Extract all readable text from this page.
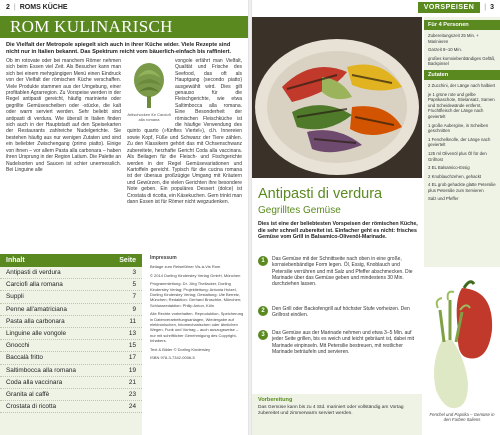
2 | ROMS KÜCHE
ROM KULINARISCH
Die Vielfalt der Metropole spiegelt sich auch in ihrer Küche wider. Viele Rezepte sind nicht nur in Italien bekannt. Das Spektrum reicht vom bäuerlich-einfach bis raffiniert.
Ob im rotovate oder bei manchem Römer nehmen sich beim Essen viel Zeit. Als Besucher kann man sich bei einem mehrgängigen Menü einen Eindruck von der Vielfalt der römischen Küche verschaffen. Viele Produkte stammen aus der Umgebung, einer profitablen Agrarregion. Zu Vorspeise werden in der Regel antipasti gereicht, häufig marinierte oder gegrillte Gemüsescheiben oder -stücke, die kalt oder warm serviert werden. Sehr beliebt sind antipasti di verdura. Wie überall in Italien finden sich auch in der Hauptstadt auf den Speisekarten der Restaurants zahlreiche Nudelgerichte. Sie bestehen häufig aus nur wenigen Zutaten und sind ein beliebter Zwischengang (primo piatto). Einige von ihnen – vor allem Pasta alla carbonara – haben ihren Ursprung in der Region Latium. Die Palette an Nudelsorten und Saucen ist schier unermesslich. Bei Linguine alle
Artischocken für Carciofi alla romana
vongole erfährt man Vielfalt, Qualität und Frische des Seefood, das oft als Hauptgang (secondo piatto) ausgewählt wird. Dies gilt genauso für die Fleischgerichte, wie etwa Saltimbocca alla romana. Eine Besonderheit der römischen Fleischküche ist die häufige Verwendung des quinto quarto (»fünftes Viertel«), d.h. Innereien sowie Kopf, Füße und Schwanz der Tiere zählen. Zu den Klassikern gehört das mit Ochsenschwanz zubereitete, herzhafte Gericht Coda alla vaccinara. Als Beilagen für die Fleisch- und Fischgerichte werden in der Regel Gemüsevariationen und Kartoffeln gereicht. Typisch für die cucina romana ist der überaus großzügige Umgang mit Kräutern und Gewürzen, die vielen Gerichten ihre besondere Note geben. Ein populäres Dessert (dolce) ist Crostata di ricotta, ein Käsekuchen. Gern trinkt man dann Essen ist für Römer nicht wegzudenken.
Inhalt	Seite
Antipasti di verdura	3
Carciofi alla romana	5
Suppli	7
Penne all'amatriciana	9
Pasta alla carbonara	11
Linguine alle vongole	13
Gnocchi	15
Baccalà fritto	17
Saltimbocca alla romana	19
Coda alla vaccinara	21
Granita al caffè	23
Crostata di ricotta	24
Impressum
Beilage zum Reiseführer Vis-à-Vis Rom
© 2014 Dorling Kindersley Verlag GmbH, München
Programmleitung: Dr. Jörg Theilacker, Dorling Kindersley Verlag; Projektleitung: Antonia Hutzel, Dorling Kindersley Verlag; Gestaltung: Ute Berretz, München; Redaktion: Gerhard Bruschke, München; Schlussredaktion: Philip Anton, Köln
Alle Rechte vorbehalten. Reproduktion, Speicherung in Datenverarbeitungsanlagen, Wiedergabe auf elektronischen, fotomechanischen oder ähnlichen Wegen, Funk und Vortrag – auch auszugsweise – nur mit schriftlicher Genehmigung des Copyright-Inhabers.
Text & Bilder © Dorling Kindersley
ISBN 978-3-7342-0006-5
VORSPEISEN	| 3
Für 4 Personen
Zubereitungszeit 25 Min. + Marinieren
Garzeit 8–10 Min.
großes kornsiebenbändiges Gefäß, Backpinsel
Zutaten
2 Zucchini, der Länge nach halbiert
je 1 grüne rote und gelbe Paprikaschote, Stielansatz, Samen und Scheidewände entfernt, Fruchtfleisch der Länge nach geviertelt
1 große Aubergine, in Scheiben geschnitten
1 Fenchelknolle, der Länge nach geviertelt
125 ml Olivenöl plus Öl für den Grillrost
3 EL Balsamico-Essig
2 Knoblauchzehen, gehackt
4 EL grob gehackte glatte Petersilie plus Petersilie zum Servieren
Salz und Pfeffer
Antipasti di verdura
Gegrilltes Gemüse
Dies ist eine der beliebtesten Vorspeisen der römischen Küche, die sehr schnell zubereitet ist. Einfacher geht es nicht: frisches Gemüse vom Grill in Balsamico-Olivenöl-Marinade.
1	Das Gemüse mit der Schnittseite nach oben in eine große, kornsiebenbändige Form legen. Öl, Essig, Knoblauch und Petersilie verrühren und mit Salz und Pfeffer abschmecken. Die Marinade über das Gemüse geben und mindestens 30 Min. durchziehen lassen.
2	Den Grill oder Backofengrill auf höchster Stufe vorheizen. Den Grillrost einölen.
3	Das Gemüse aus der Marinade nehmen und etwa 3–5 Min. auf jeder Seite grillen, bis es weich und leicht gebräunt ist, dabei mit Marinade einpinseln. Mit Petersilie bestreuen, mit restlicher Marinade beträufeln und servieren.
Vorbereitung
Das Gemüse kann bis zu 4 Std. mariniert oder vollständig am Vortag zubereitet und zimmerwarm serviert werden.	Fenchel und Paprika – Gemüse in den Farben Italiens
